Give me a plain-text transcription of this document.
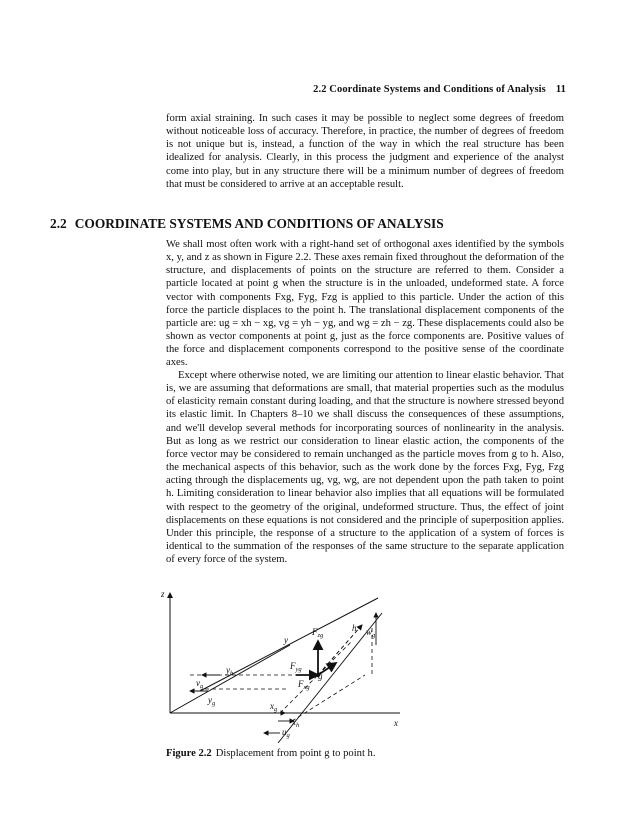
2.2 Coordinate Systems and Conditions of Analysis 11

form axial straining. In such cases it may be possible to neglect some degrees of freedom without noticeable loss of accuracy. Therefore, in practice, the number of degrees of freedom is not unique but is, instead, a function of the way in which the real structure has been idealized for analysis. Clearly, in this process the judgment and experience of the analyst come into play, but in any structure there will be a minimum number of degrees of freedom that must be considered to arrive at an acceptable result.

2.2 COORDINATE SYSTEMS AND CONDITIONS OF ANALYSIS

We shall most often work with a right-hand set of orthogonal axes identified by the symbols x, y, and z as shown in Figure 2.2. These axes remain fixed throughout the deformation of the structure, and displacements of points on the structure are referred to them. Consider a particle located at point g when the structure is in the unloaded, undeformed state. A force vector with components Fxg, Fyg, Fzg is applied to this particle. Under the action of this force the particle displaces to the point h. The translational displacement components of the particle are: ug = xh − xg, vg = yh − yg, and wg = zh − zg. These displacements could also be shown as vector components at point g, just as the force components are. Positive values of the force and displacement components correspond to the positive sense of the coordinate axes.

Except where otherwise noted, we are limiting our attention to linear elastic behavior. That is, we are assuming that deformations are small, that material properties such as the modulus of elasticity remain constant during loading, and that the structure is nowhere stressed beyond its elastic limit. In Chapters 8–10 we shall discuss the consequences of these assumptions, and we'll develop several methods for incorporating sources of nonlinearity in the analysis. But as long as we restrict our consideration to linear elastic action, the components of the force vector may be considered to remain unchanged as the particle moves from g to h. Also, the mechanical aspects of this behavior, such as the work done by the forces Fxg, Fyg, Fzg acting through the displacements ug, vg, wg, are not dependent upon the path taken to point h. Limiting consideration to linear behavior also implies that all equations will be formulated with respect to the geometry of the original, undeformed structure. Thus, the effect of joint displacements on these equations is not considered and the principle of superposition applies. Under this principle, the response of a structure to the application of a system of forces is identical to the summation of the responses of the same structure to the separate application of every force of the system.

z
y
x
h wg
Fzg
Fyg
Fxg
g
yh
vg
yg	xg
xh
ug
Figure 2.2 Displacement from point g to point h.
